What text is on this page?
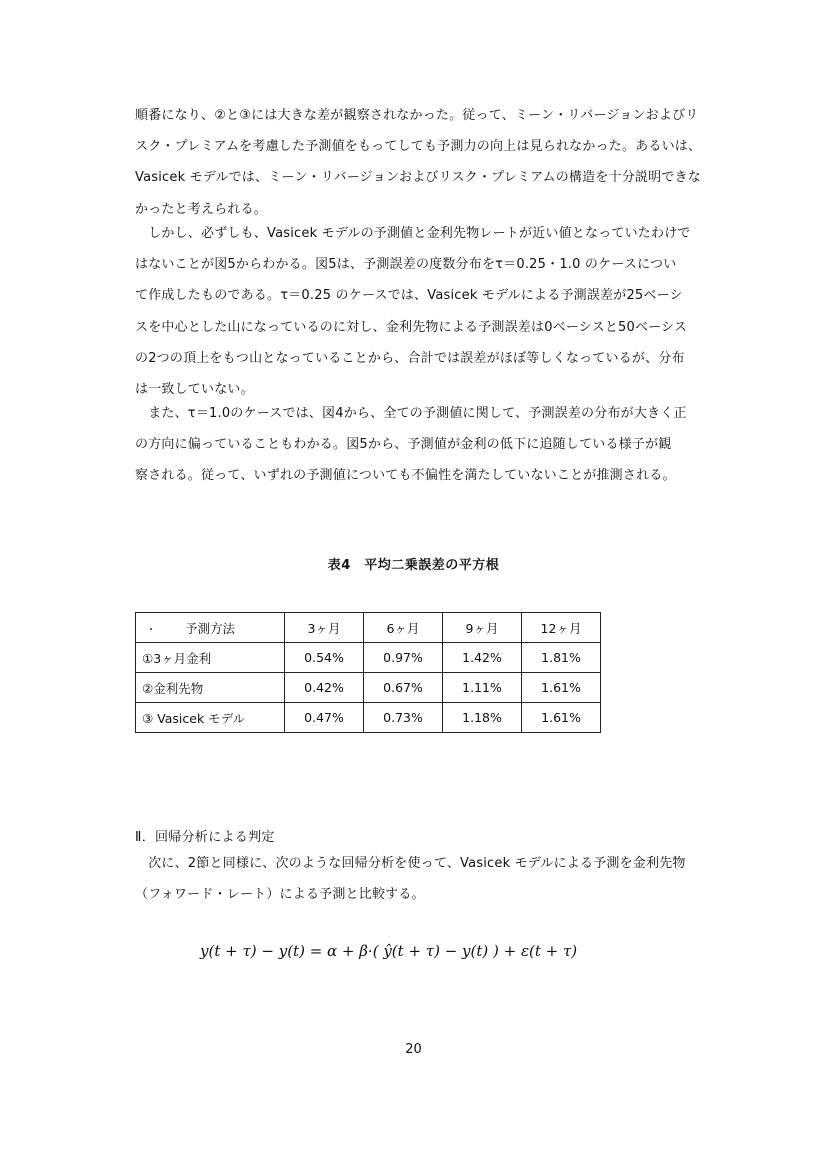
順番になり、②と③には大きな差が観察されなかった。従って、ミーン・リバージョンおよびリ
スク・プレミアムを考慮した予測値をもってしても予測力の向上は見られなかった。あるいは、
Vasicek モデルでは、ミーン・リバージョンおよびリスク・プレミアムの構造を十分説明できな
かったと考えられる。
　しかし、必ずしも、Vasicek モデルの予測値と金利先物レートが近い値となっていたわけで
はないことが図5からわかる。図5は、予測誤差の度数分布をτ＝0.25・1.0 のケースについ
て作成したものである。τ＝0.25 のケースでは、Vasicek モデルによる予測誤差が25ベーシ
スを中心とした山になっているのに対し、金利先物による予測誤差は0ベーシスと50ベーシス
の2つの頂上をもつ山となっていることから、合計では誤差がほぼ等しくなっているが、分布
は一致していない。
　また、τ＝1.0のケースでは、図4から、全ての予測値に関して、予測誤差の分布が大きく正
の方向に偏っていることもわかる。図5から、予測値が金利の低下に追随している様子が観
察される。従って、いずれの予測値についても不偏性を満たしていないことが推測される。
表4　平均二乗誤差の平方根
・ 予測方法	3ヶ月	6ヶ月	9ヶ月	12ヶ月
①3ヶ月金利	0.54%	0.97%	1.42%	1.81%
②金利先物	0.42%	0.67%	1.11%	1.61%
③ Vasicek モデル	0.47%	0.73%	1.18%	1.61%
Ⅱ．回帰分析による判定
　次に、2節と同様に、次のような回帰分析を使って、Vasicek モデルによる予測を金利先物
（フォワード・レート）による予測と比較する。
y(t + τ) − y(t) = α + β·( ŷ(t + τ) − y(t) ) + ε(t + τ)
20
